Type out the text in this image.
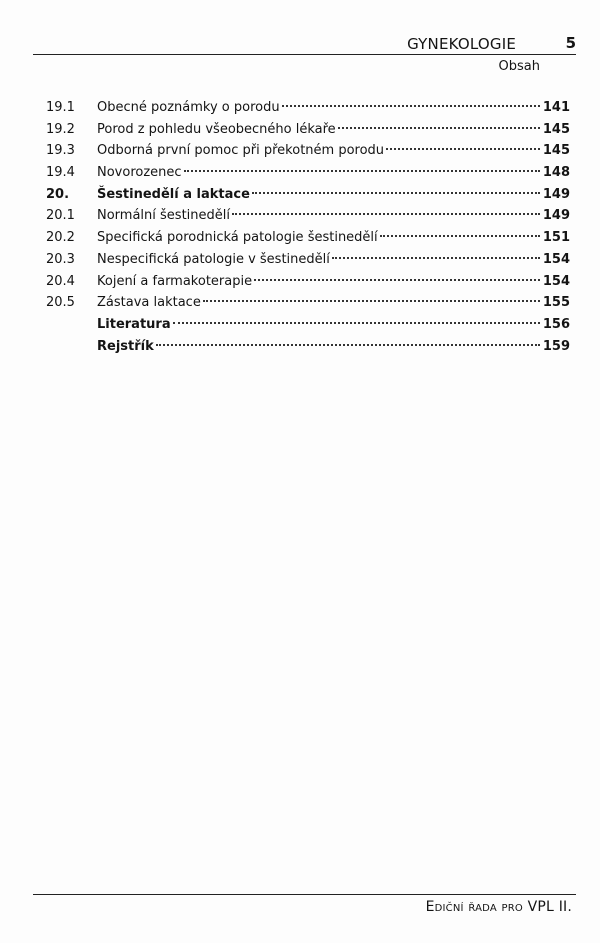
GYNEKOLOGIE	5
Obsah
19.1 Obecné poznámky o porodu	141
19.2 Porod z pohledu všeobecného lékaře	145
19.3 Odborná první pomoc při překotném porodu	145
19.4 Novorozenec	148
20. Šestinedělí a laktace	149
20.1 Normální šestinedělí	149
20.2 Specifická porodnická patologie šestinedělí	151
20.3 Nespecifická patologie v šestinedělí	154
20.4 Kojení a farmakoterapie	154
20.5 Zástava laktace	155
Literatura	156
Rejstřík	159
Ediční řada pro VPL II.
